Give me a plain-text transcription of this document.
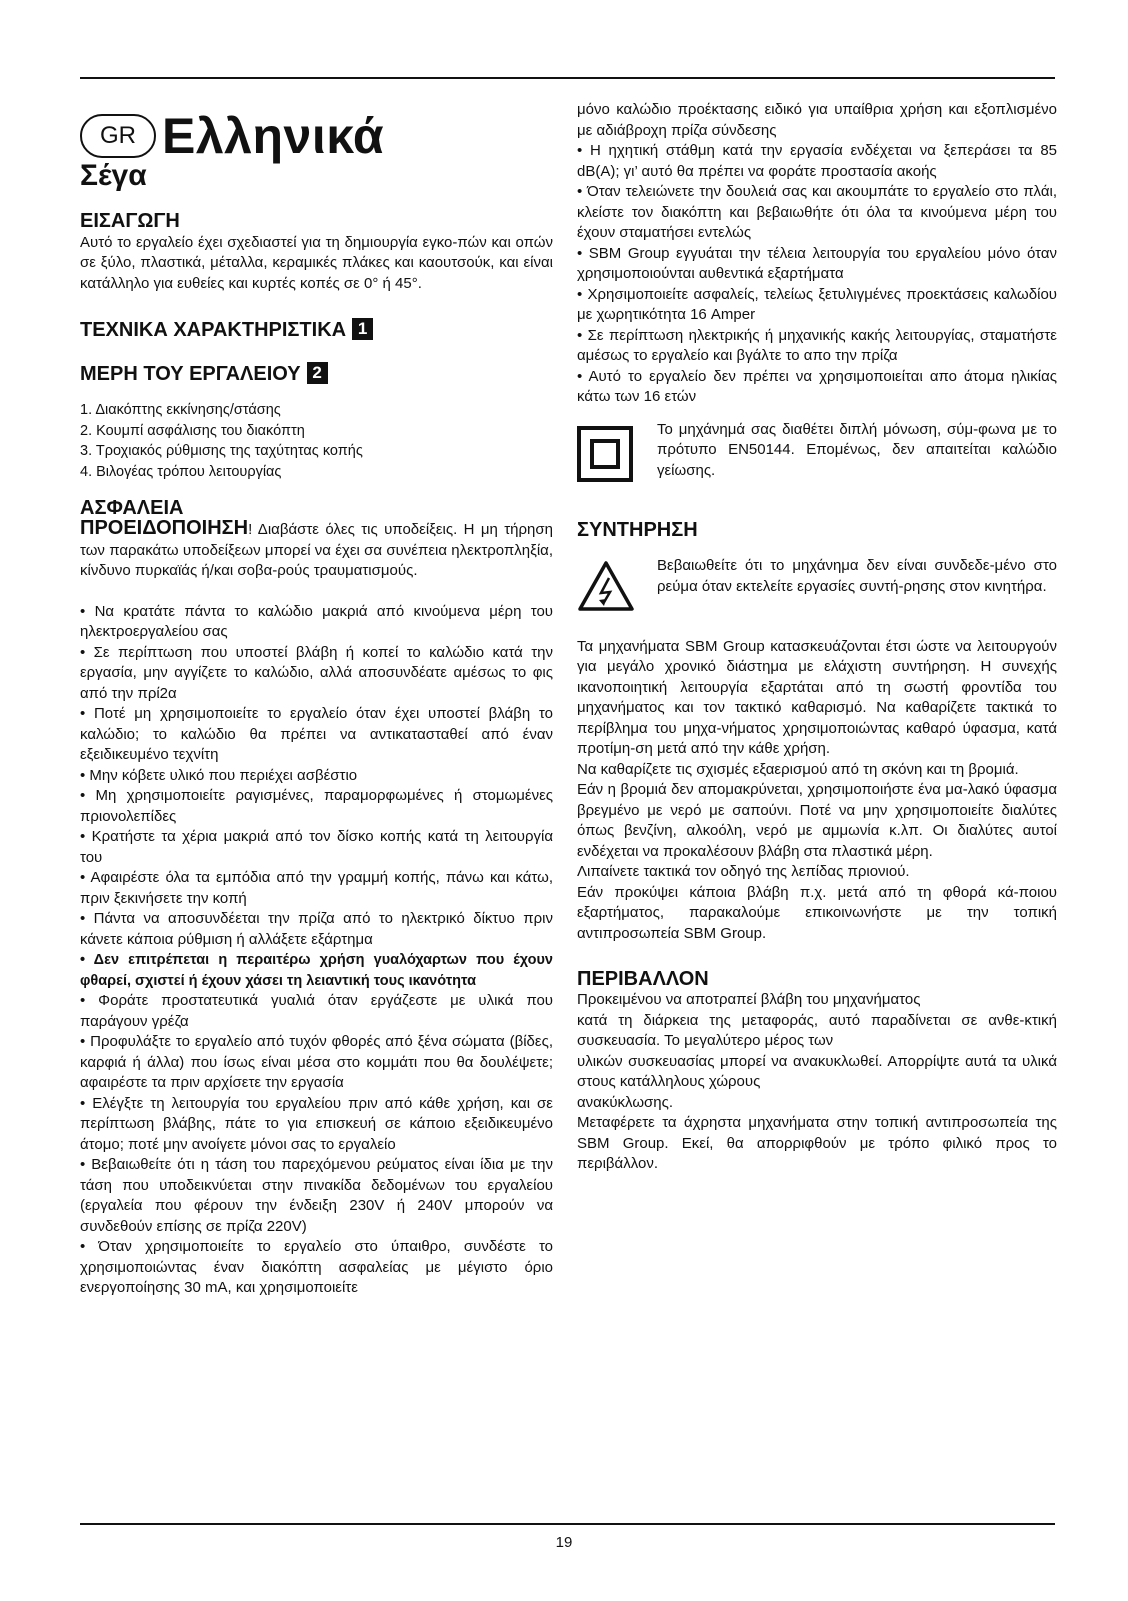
GR Ελληνικά
Σέγα
ΕΙΣΑΓΩΓΗ

Αυτό το εργαλείο έχει σχεδιαστεί για τη δημιουργία εγκο-πών και οπών σε ξύλο, πλαστικά, μέταλλα, κεραμικές πλάκες και καουτσούκ, και είναι κατάλληλο για ευθείες και κυρτές κοπές σε 0° ή 45°.

ΤΕΧΝΙΚΑ ΧΑΡΑΚΤΗΡΙΣΤΙΚΑ 1
ΜΕΡΗ ΤΟΥ ΕΡΓΑΛΕΙΟΥ 2
1. Διακόπτης εκκίνησης/στάσης
2. Κουμπί ασφάλισης του διακόπτη
3. Τροχιακός ρύθμισης της ταχύτητας κοπής
4. Βιλογέας τρόπου λειτουργίας
ΑΣΦΑΛΕΙΑ

ΠΡΟΕΙΔΟΠΟΙΗΣΗ! Διαβάστε όλες τις υποδείξεις. Η μη τήρηση των παρακάτω υποδείξεων μπορεί να έχει σα συνέπεια ηλεκτροπληξία, κίνδυνο πυρκαϊάς ή/και σοβα-ρούς τραυματισμούς.

• Να κρατάτε πάντα το καλώδιο μακριά από κινούμενα μέρη του ηλεκτροεργαλείου σας

• Σε περίπτωση που υποστεί βλάβη ή κοπεί το καλώδιο κατά την εργασία, μην αγγίζετε το καλώδιο, αλλά αποσυνδέατε αμέσως το φις από την πρί2α

• Ποτέ μη χρησιμοποιείτε το εργαλείο όταν έχει υποστεί βλάβη το καλώδιο; το καλώδιο θα πρέπει να αντικατασταθεί από έναν εξειδικευμένο τεχνίτη

• Μην κόβετε υλικό που περιέχει ασβέστιο

• Μη χρησιμοποιείτε ραγισμένες, παραμορφωμένες ή στομωμένες πριονολεπίδες

• Κρατήστε τα χέρια μακριά από τον δίσκο κοπής κατά τη λειτουργία του

• Αφαιρέστε όλα τα εμπόδια από την γραμμή κοπής, πάνω και κάτω, πριν ξεκινήσετε την κοπή

• Πάντα να αποσυνδέεται την πρίζα από το ηλεκτρικό δίκτυο πριν κάνετε κάποια ρύθμιση ή αλλάξετε εξάρτημα

• Δεν επιτρέπεται η περαιτέρω χρήση γυαλόχαρτων που έχουν φθαρεί, σχιστεί ή έχουν χάσει τη λειαντική τους ικανότητα

• Φοράτε προστατευτικά γυαλιά όταν εργάζεστε με υλικά που παράγουν γρέζα

• Προφυλάξτε το εργαλείο από τυχόν φθορές από ξένα σώματα (βίδες, καρφιά ή άλλα) που ίσως είναι μέσα στο κομμάτι που θα δουλέψετε; αφαιρέστε τα πριν αρχίσετε την εργασία

• Ελέγξτε τη λειτουργία του εργαλείου πριν από κάθε χρήση, και σε περίπτωση βλάβης, πάτε το για επισκευή σε κάποιο εξειδικευμένο άτομο; ποτέ μην ανοίγετε μόνοι σας το εργαλείο

• Βεβαιωθείτε ότι η τάση του παρεχόμενου ρεύματος είναι ίδια με την τάση που υποδεικνύεται στην πινακίδα δεδομένων του εργαλείου (εργαλεία που φέρουν την ένδειξη 230V ή 240V μπορούν να συνδεθούν επίσης σε πρίζα 220V)

• Όταν χρησιμοποιείτε το εργαλείο στο ύπαιθρο, συνδέστε το χρησιμοποιώντας έναν διακόπτη ασφαλείας με μέγιστο όριο ενεργοποίησης 30 mA, και χρησιμοποιείτε

μόνο καλώδιο προέκτασης ειδικό για υπαίθρια χρήση και εξοπλισμένο με αδιάβροχη πρίζα σύνδεσης

• Η ηχητική στάθμη κατά την εργασία ενδέχεται να ξεπεράσει τα 85 dB(A); γι’ αυτό θα πρέπει να φοράτε προστασία ακοής

• Όταν τελειώνετε την δουλειά σας και ακουμπάτε το εργαλείο στο πλάι, κλείστε τον διακόπτη και βεβαιωθήτε ότι όλα τα κινούμενα μέρη του έχουν σταματήσει εντελώς

• SBM Group εγγυάται την τέλεια λειτουργία του εργαλείου μόνο όταν χρησιμοποιούνται αυθεντικά εξαρτήματα

• Χρησιμοποιείτε ασφαλείς, τελείως ξετυλιγμένες προεκτάσεις καλωδίου με χωρητικότητα 16 Amper

• Σε περίπτωση ηλεκτρικής ή μηχανικής κακής λειτουργίας, σταματήστε αμέσως το εργαλείο και βγάλτε το απο την πρίζα

• Αυτό το εργαλείο δεν πρέπει να χρησιμοποιείται απο άτομα ηλικίας κάτω των 16 ετών

Το μηχάνημά σας διαθέτει διπλή μόνωση, σύμ-φωνα με το πρότυπο EN50144. Επομένως, δεν απαιτείται καλώδιο γείωσης.

ΣΥΝΤΗΡΗΣΗ

Βεβαιωθείτε ότι το μηχάνημα δεν είναι συνδεδε-μένο στο ρεύμα όταν εκτελείτε εργασίες συντή-ρησης στον κινητήρα.

Τα μηχανήματα SBM Group κατασκευάζονται έτσι ώστε να λειτουργούν για μεγάλο χρονικό διάστημα με ελάχιστη συντήρηση. Η συνεχής ικανοποιητική λειτουργία εξαρτάται από τη σωστή φροντίδα του μηχανήματος και τον τακτικό καθαρισμό. Να καθαρίζετε τακτικά το περίβλημα του μηχα-νήματος χρησιμοποιώντας καθαρό ύφασμα, κατά προτίμη-ση μετά από την κάθε χρήση.

Να καθαρίζετε τις σχισμές εξαερισμού από τη σκόνη και τη βρομιά.

Εάν η βρομιά δεν απομακρύνεται, χρησιμοποιήστε ένα μα-λακό ύφασμα βρεγμένο με νερό με σαπούνι. Ποτέ να μην χρησιμοποιείτε διαλύτες όπως βενζίνη, αλκοόλη, νερό με αμμωνία κ.λπ. Οι διαλύτες αυτοί ενδέχεται να προκαλέσουν βλάβη στα πλαστικά μέρη.

Λιπαίνετε τακτικά τον οδηγό της λεπίδας πριονιού.

Εάν προκύψει κάποια βλάβη π.χ. μετά από τη φθορά κά-ποιου εξαρτήματος, παρακαλούμε επικοινωνήστε με την τοπική αντιπροσωπεία SBM Group.

ΠΕΡΙΒΑΛΛΟΝ

Προκειμένου να αποτραπεί βλάβη του μηχανήματος

κατά τη διάρκεια της μεταφοράς, αυτό παραδίνεται σε ανθε-κτική συσκευασία. Το μεγαλύτερο μέρος των

υλικών συσκευασίας μπορεί να ανακυκλωθεί. Απορρίψτε αυτά τα υλικά στους κατάλληλους χώρους

ανακύκλωσης.

Μεταφέρετε τα άχρηστα μηχανήματα στην τοπική αντιπροσωπεία της SBM Group. Εκεί, θα απορριφθούν με τρόπο φιλικό προς το περιβάλλον.

19
